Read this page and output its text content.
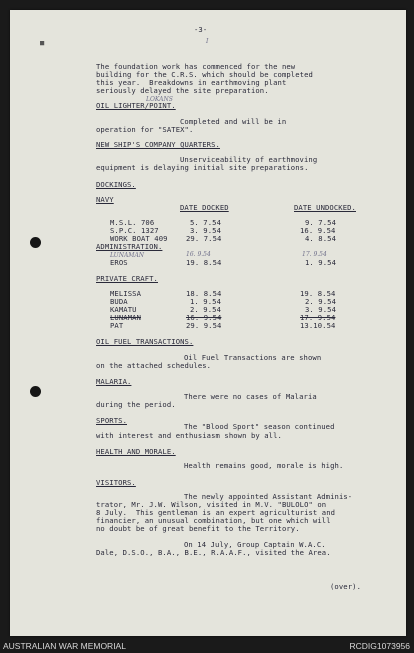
■
-3-
I
The foundation work has commenced for the new
building for the C.R.S. which should be completed
this year.  Breakdowns in earthmoving plant
seriously delayed the site preparation.
LOKANS
OIL LIGHTER/POINT.
Completed and will be in
operation for "SATEX".
NEW SHIP'S COMPANY QUARTERS.
Unserviceability of earthmoving
equipment is delaying initial site preparations.
DOCKINGS.
NAVY
DATE DOCKED	DATE UNDOCKED.
M.S.L. 706	5. 7.54	9. 7.54
S.P.C. 1327	3. 9.54	16. 9.54
WORK BOAT 409	29. 7.54	4. 8.54
ADMINISTRATION.
LUNAMAN	16. 9.54	17. 9.54
EROS	19. 8.54	1. 9.54
PRIVATE CRAFT.
MELISSA	18. 8.54	19. 8.54
BUDA	1. 9.54	2. 9.54
KAMATU	2. 9.54	3. 9.54
LUNAMAN	16. 9.54	17. 9.54
PAT	29. 9.54	13.10.54
OIL FUEL TRANSACTIONS.
Oil Fuel Transactions are shown
on the attached schedules.
MALARIA.
There were no cases of Malaria
during the period.
SPORTS.
The "Blood Sport" season continued
with interest and enthusiasm shown by all.
HEALTH AND MORALE.
Health remains good, morale is high.
VISITORS.
The newly appointed Assistant Adminis-
trator, Mr. J.W. Wilson, visited in M.V. "BULOLO" on
8 July.  This gentleman is an expert agriculturist and
financier, an unusual combination, but one which will
no doubt be of great benefit to the Territory.
On 14 July, Group Captain W.A.C.
Dale, D.S.O., B.A., B.E., R.A.A.F., visited the Area.
(over).
AUSTRALIAN WAR MEMORIAL	RCDIG1073956
